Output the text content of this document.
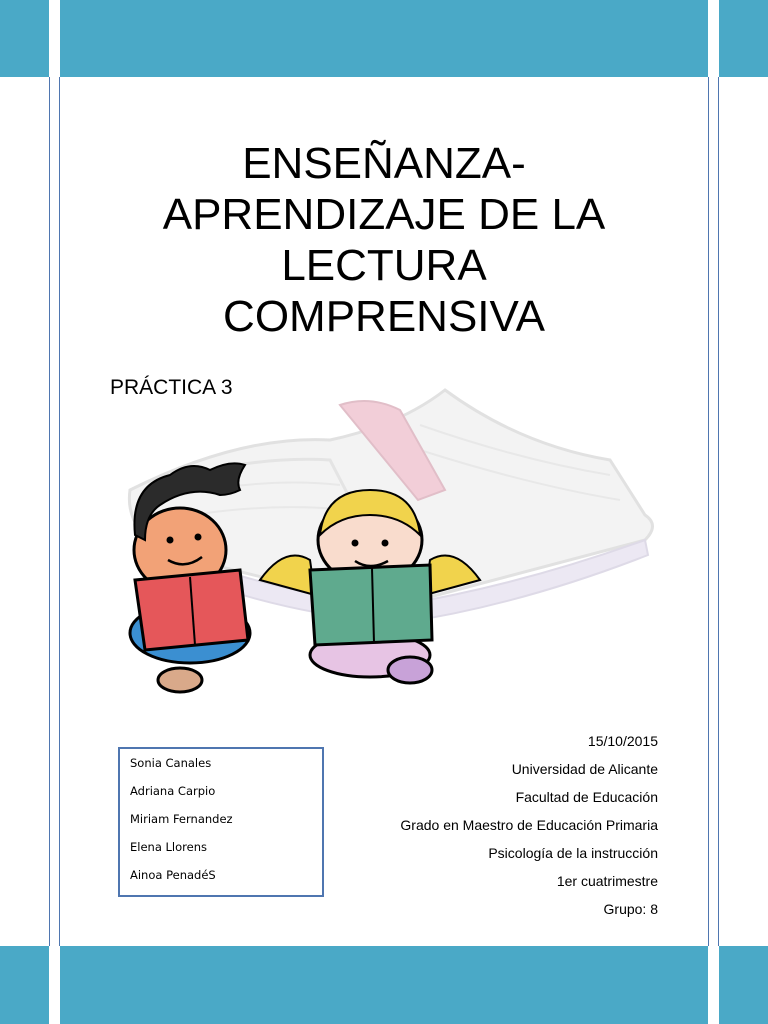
ENSEÑANZA-
APRENDIZAJE DE LA
LECTURA
COMPRENSIVA
PRÁCTICA 3
Sonia Canales
Adriana Carpio
Miriam Fernandez
Elena Llorens
Ainoa PenadéS
15/10/2015
Universidad de Alicante
Facultad de Educación
Grado en Maestro de Educación Primaria
Psicología de la instrucción
1er cuatrimestre
Grupo: 8
